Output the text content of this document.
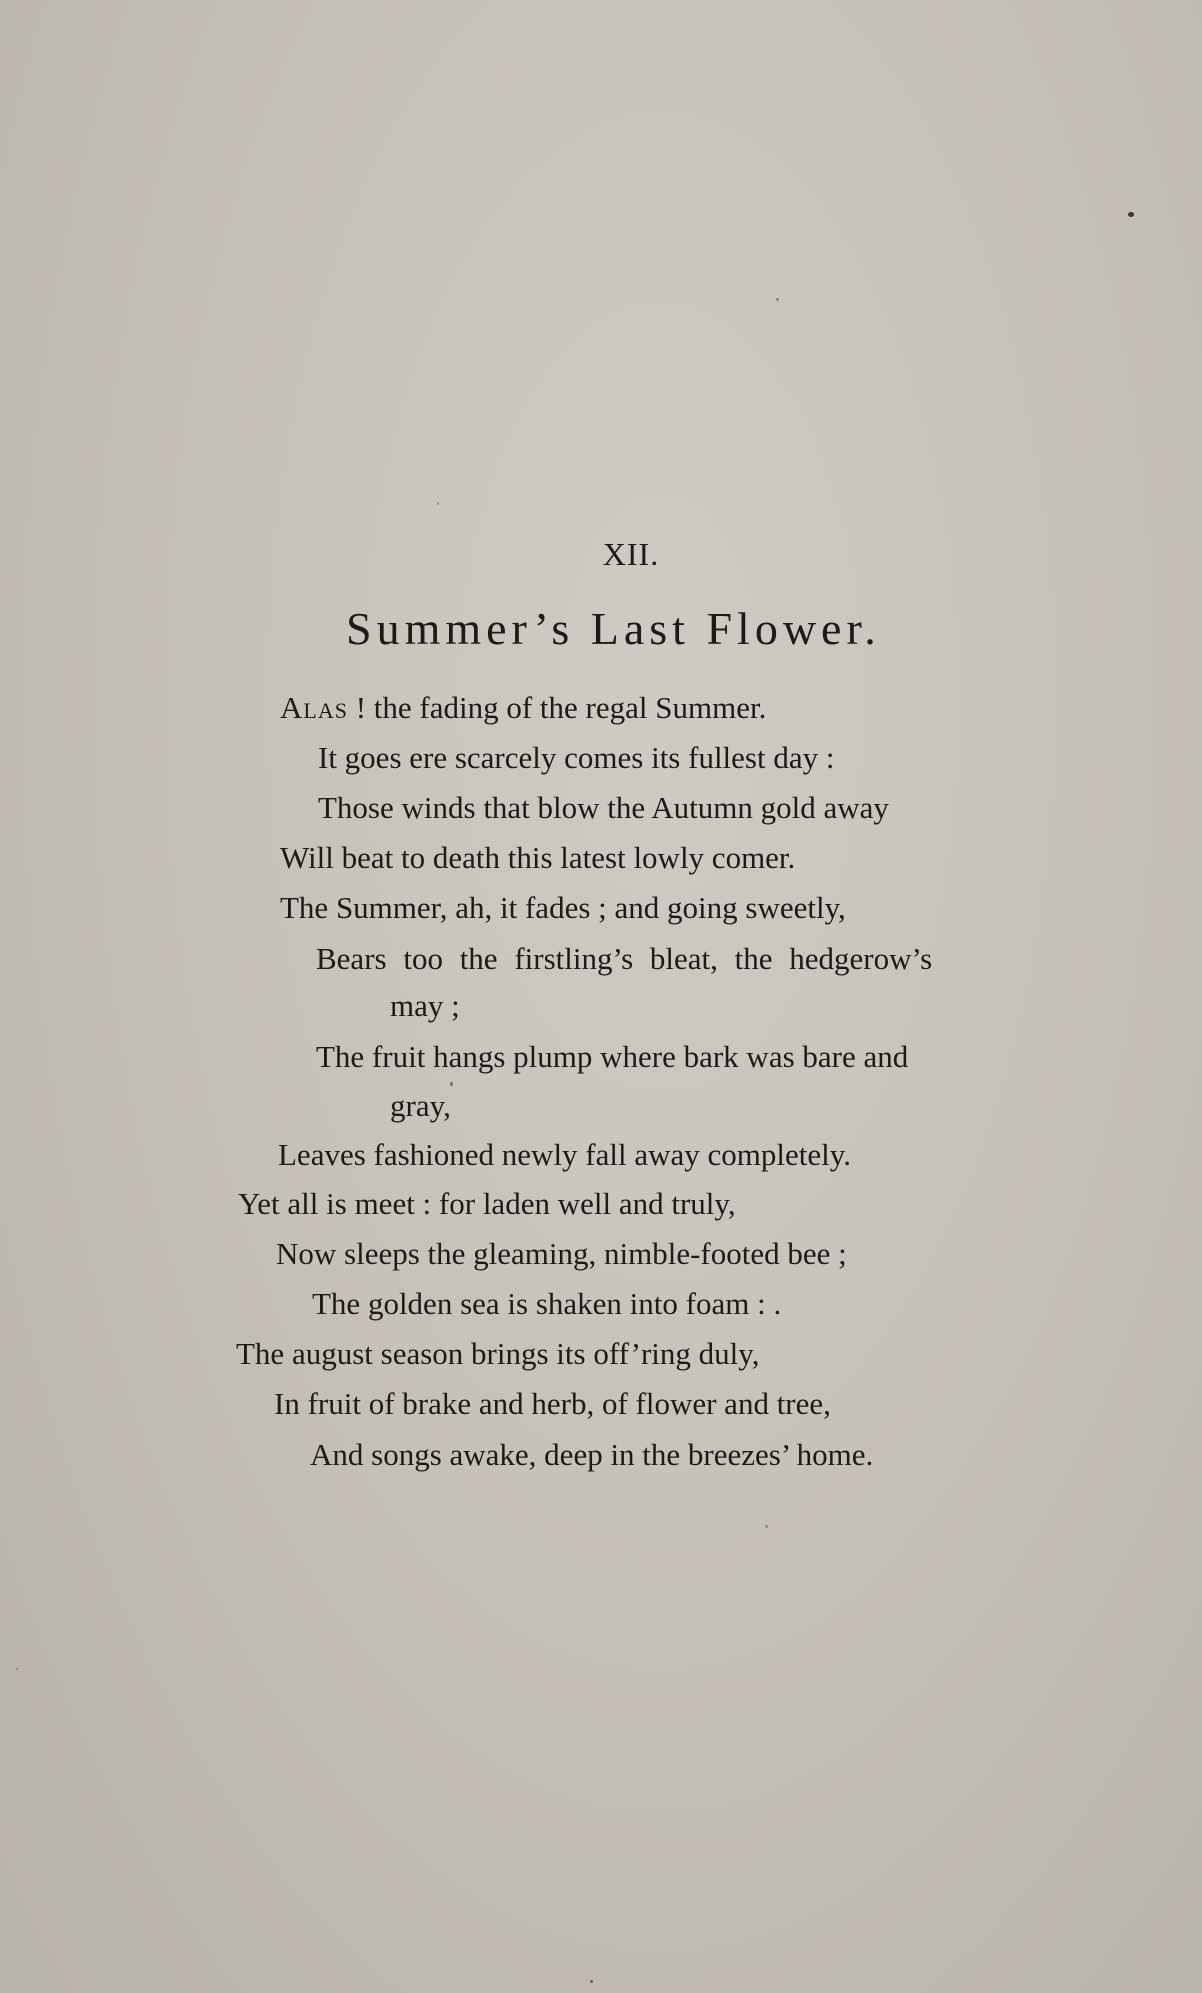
XII.
Summer’s Last Flower.
Alas ! the fading of the regal Summer.
It goes ere scarcely comes its fullest day :
Those winds that blow the Autumn gold away
Will beat to death this latest lowly comer.
The Summer, ah, it fades ; and going sweetly,
Bears too the firstling’s bleat, the hedgerow’s
may ;
The fruit hangs plump where bark was bare and
gray,
Leaves fashioned newly fall away completely.
Yet all is meet : for laden well and truly,
Now sleeps the gleaming, nimble-footed bee ;
The golden sea is shaken into foam : .
The august season brings its off’ring duly,
In fruit of brake and herb, of flower and tree,
And songs awake, deep in the breezes’ home.
